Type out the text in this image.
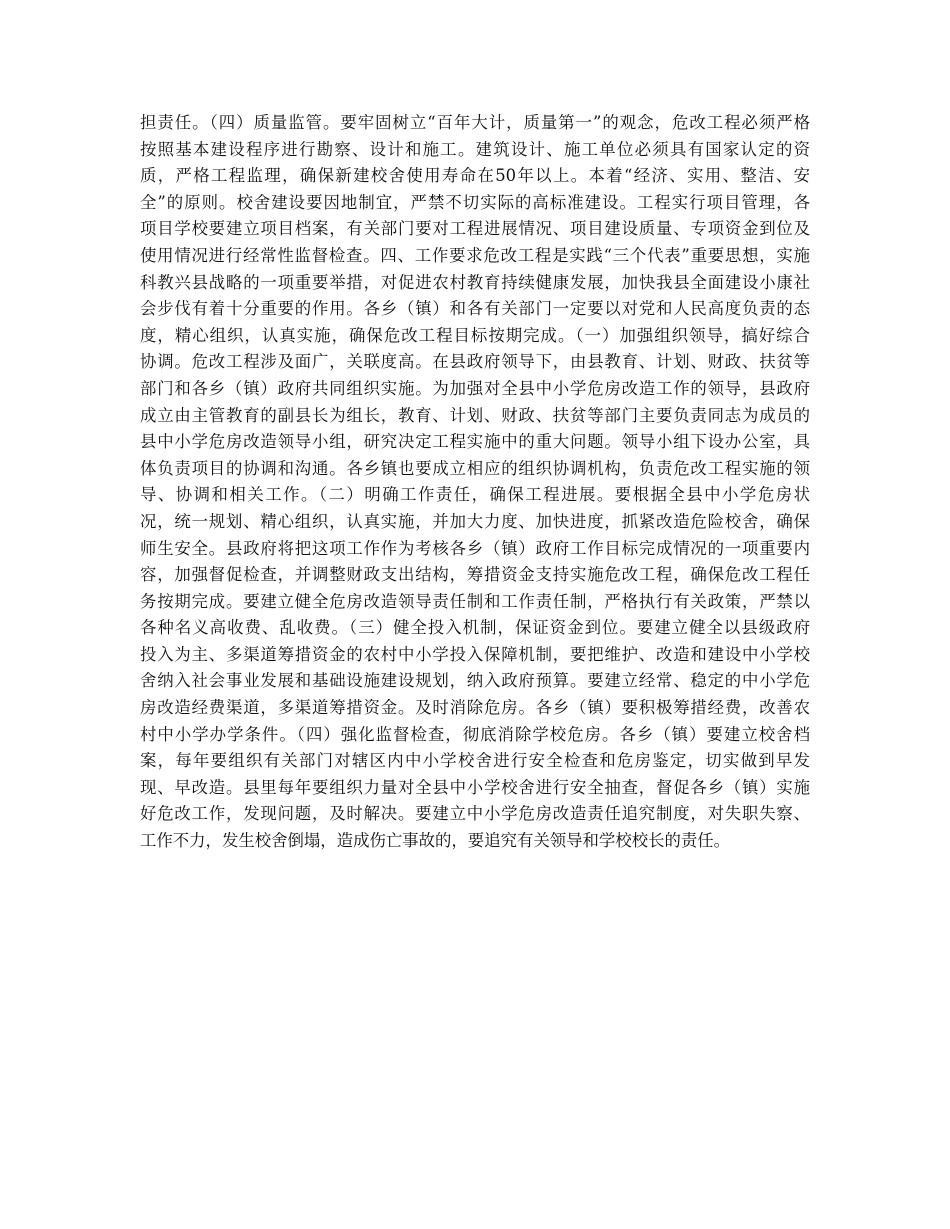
担责任。（四）质量监管。要牢固树立“百年大计，质量第一”的观念，危改工程必须严格
按照基本建设程序进行勘察、设计和施工。建筑设计、施工单位必须具有国家认定的资
质，严格工程监理，确保新建校舍使用寿命在50年以上。本着“经济、实用、整洁、安
全”的原则。校舍建设要因地制宜，严禁不切实际的高标准建设。工程实行项目管理，各
项目学校要建立项目档案，有关部门要对工程进展情况、项目建设质量、专项资金到位及
使用情况进行经常性监督检查。四、工作要求危改工程是实践“三个代表”重要思想，实施
科教兴县战略的一项重要举措，对促进农村教育持续健康发展，加快我县全面建设小康社
会步伐有着十分重要的作用。各乡（镇）和各有关部门一定要以对党和人民高度负责的态
度，精心组织，认真实施，确保危改工程目标按期完成。（一）加强组织领导，搞好综合
协调。危改工程涉及面广，关联度高。在县政府领导下，由县教育、计划、财政、扶贫等
部门和各乡（镇）政府共同组织实施。为加强对全县中小学危房改造工作的领导，县政府
成立由主管教育的副县长为组长，教育、计划、财政、扶贫等部门主要负责同志为成员的
县中小学危房改造领导小组，研究决定工程实施中的重大问题。领导小组下设办公室，具
体负责项目的协调和沟通。各乡镇也要成立相应的组织协调机构，负责危改工程实施的领
导、协调和相关工作。（二）明确工作责任，确保工程进展。要根据全县中小学危房状
况，统一规划、精心组织，认真实施，并加大力度、加快进度，抓紧改造危险校舍，确保
师生安全。县政府将把这项工作作为考核各乡（镇）政府工作目标完成情况的一项重要内
容，加强督促检查，并调整财政支出结构，筹措资金支持实施危改工程，确保危改工程任
务按期完成。要建立健全危房改造领导责任制和工作责任制，严格执行有关政策，严禁以
各种名义高收费、乱收费。（三）健全投入机制，保证资金到位。要建立健全以县级政府
投入为主、多渠道筹措资金的农村中小学投入保障机制，要把维护、改造和建设中小学校
舍纳入社会事业发展和基础设施建设规划，纳入政府预算。要建立经常、稳定的中小学危
房改造经费渠道，多渠道筹措资金。及时消除危房。各乡（镇）要积极筹措经费，改善农
村中小学办学条件。（四）强化监督检查，彻底消除学校危房。各乡（镇）要建立校舍档
案，每年要组织有关部门对辖区内中小学校舍进行安全检查和危房鉴定，切实做到早发
现、早改造。县里每年要组织力量对全县中小学校舍进行安全抽查，督促各乡（镇）实施
好危改工作，发现问题，及时解决。要建立中小学危房改造责任追究制度，对失职失察、
工作不力，发生校舍倒塌，造成伤亡事故的，要追究有关领导和学校校长的责任。
